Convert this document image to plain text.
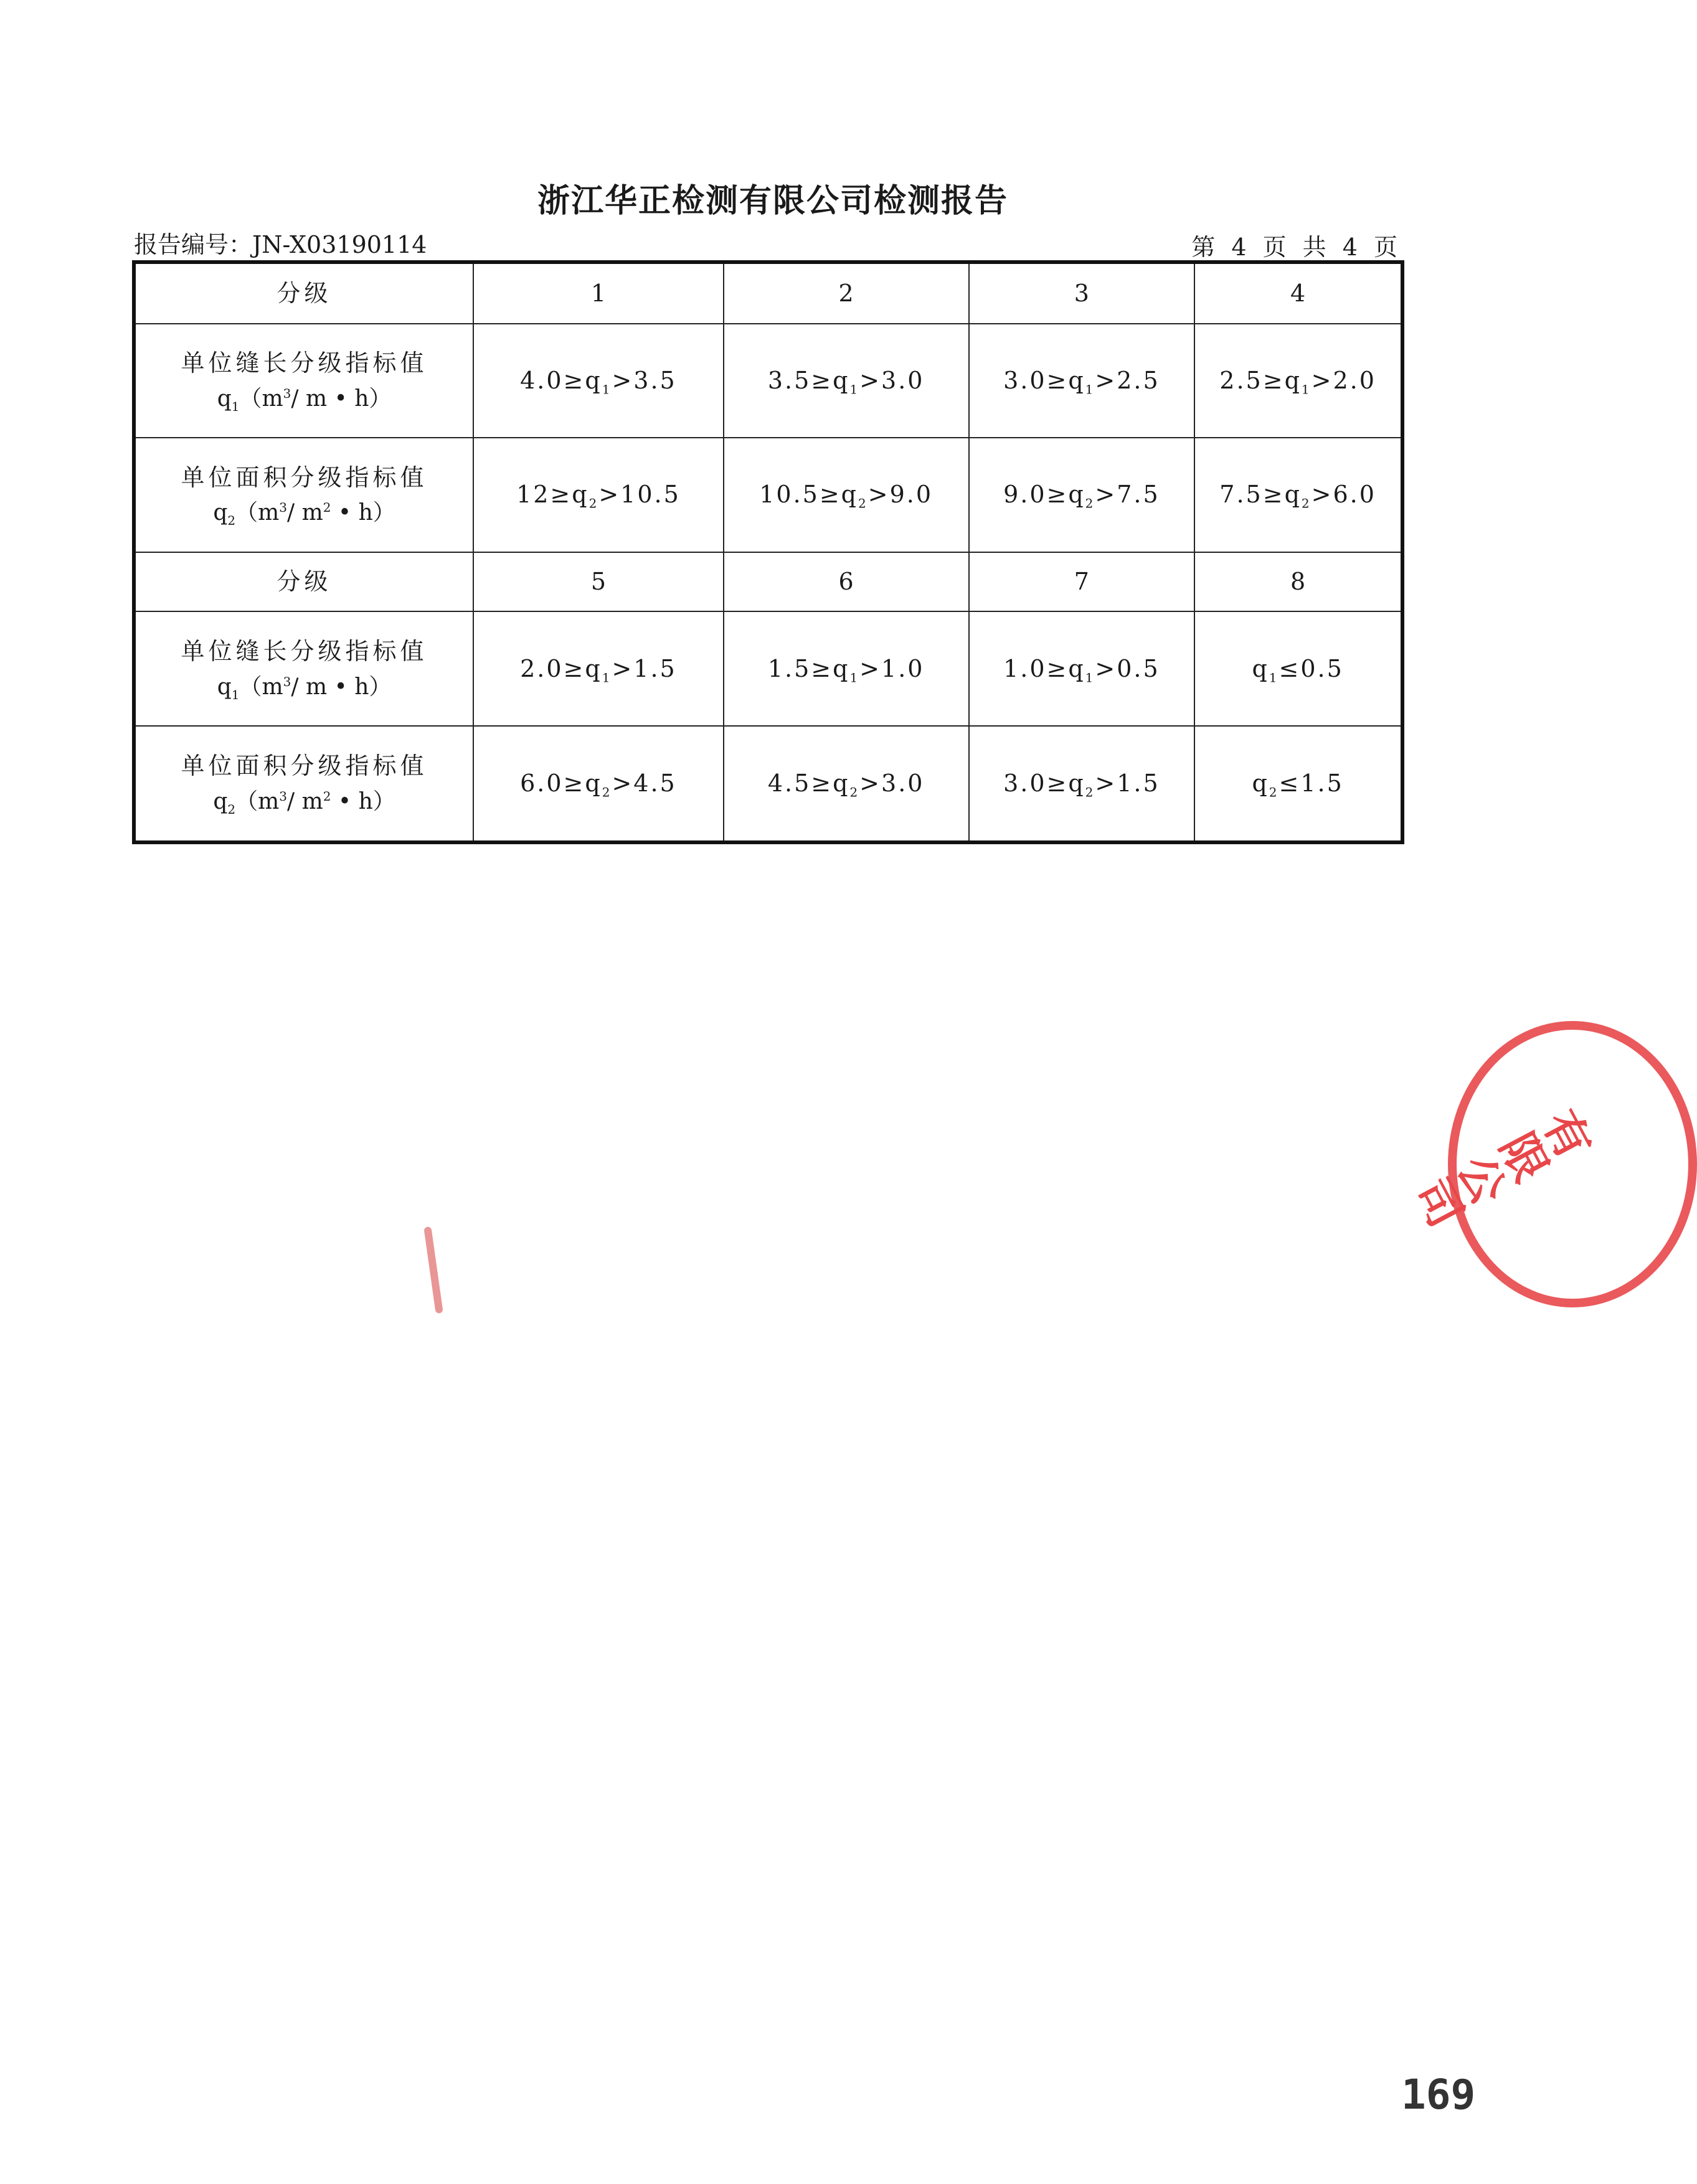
浙江华正检测有限公司检测报告
报告编号：JN-X03190114	第 4 页 共 4 页
分级	1	2	3	4

单位缝长分级指标值
$q_1(m^3/$ m • h）	$4.0\ge q_1>3.5$	$3.5\ge q_1>3.0$	$3.0\ge q_1>2.5$	$2.5\ge q_1>2.0$

单位面积分级指标值
$q_2(m^3/$ $m^2$ • h）	$12\ge q_2>10.5$	$10.5\ge q_2>9.0$	$9.0\ge q_2>7.5$	$7.5\ge q_2>6.0$
分级	5	6	7	8

单位缝长分级指标值
$q_1(m^3/$ m • h）	$2.0\ge q_1>1.5$	$1.5\ge q_1>1.0$	$1.0\ge q_1>0.5$	$q_1\le 0.5$

单位面积分级指标值
$q_2(m^3/$ $m^2$ • h）	$6.0\ge q_2>4.5$	$4.5\ge q_2>3.0$	$3.0\ge q_2>1.5$	$q_2\le 1.5$
有限公司
169
